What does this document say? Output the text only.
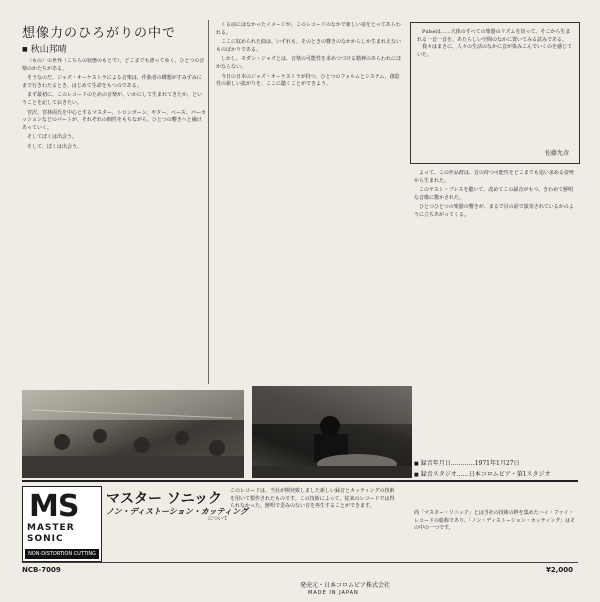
想像力のひろがりの中で
■ 秋山邦晴

〈もの〉の世界（こちらの状態のもとで）、どこまでも漂ってゆく、ひとつの音楽のかたちがある。

そうなのだ。ジャズ・オーケストラによる音楽は、作曲者の構想がすみずみにまで行きわたるとき、はじめて生命をもつのである。

まず最初に、このレコードのための音楽が、いかにして生まれてきたか、ということを記しておきたい。

宮沢、宮林両氏を中心とするマスター、トロンボーン、ギター、ベース、パーカッションなどのパートが、それぞれの個性をもちながら、ひとつの響きへと融けあっていく。

そしてぼくは出会う。

そして、ぼくは出会う。

くる前にはなかったイメージが、このレコードのなかで新しい姿をとってあらわれる。

ここに収められた曲は、いずれも、そのときの響きのなかからしか生まれえないものばかりである。

しかし、モダン・ジャズとは、音楽の可能性を求めつづける精神のあらわれにほかならない。

今日の日本のジャズ・オーケストラが持つ、ひとつのフォルムとシステム、創造性の新しい拡がりを、ここに聴くことができよう。

Pulseは……大体のすべての楽器のリズムを切って、そこから生まれる一音一音を、あたらしい空間のなかに置いてみる試みである。

我々はまさに、人々の生活のなかに音が染みこんでいくのを感じていた。

佐藤允彦

よって、この作品群は、音の持つ可能性をどこまでも追い求める姿勢から生まれた。

このテスト・プレスを聴いて、改めてこの録音がもつ、きわめて鮮明な音像に驚かされた。

ひとつひとつの楽器の響きが、まるで目の前で演奏されているかのように立ちあがってくる。

■ 録音年月日…………1971年1月27日
■ 録音スタジオ……日本コロムビア・第1スタジオ
MS
MASTER
SONIC
NON-DISTORTION CUTTING
マスター ソニック
ノン・ディストーション・カッティング
について
このレコードは、当社が開発致しました新しい録音とカッティングの技術を用いて製作されたものです。この技術によって、従来のレコードでは得られなかった、鮮明で歪みのない音を再生することができます。
尚「マスター・ソニック」とは当社の技術の粋を集めたハイ・ファイ・レコードの総称であり、「ノン・ディストーション・カッティング」はその中の一つです。
NCB-7009
発売元・日本コロムビア株式会社
MADE IN JAPAN
¥2,000
